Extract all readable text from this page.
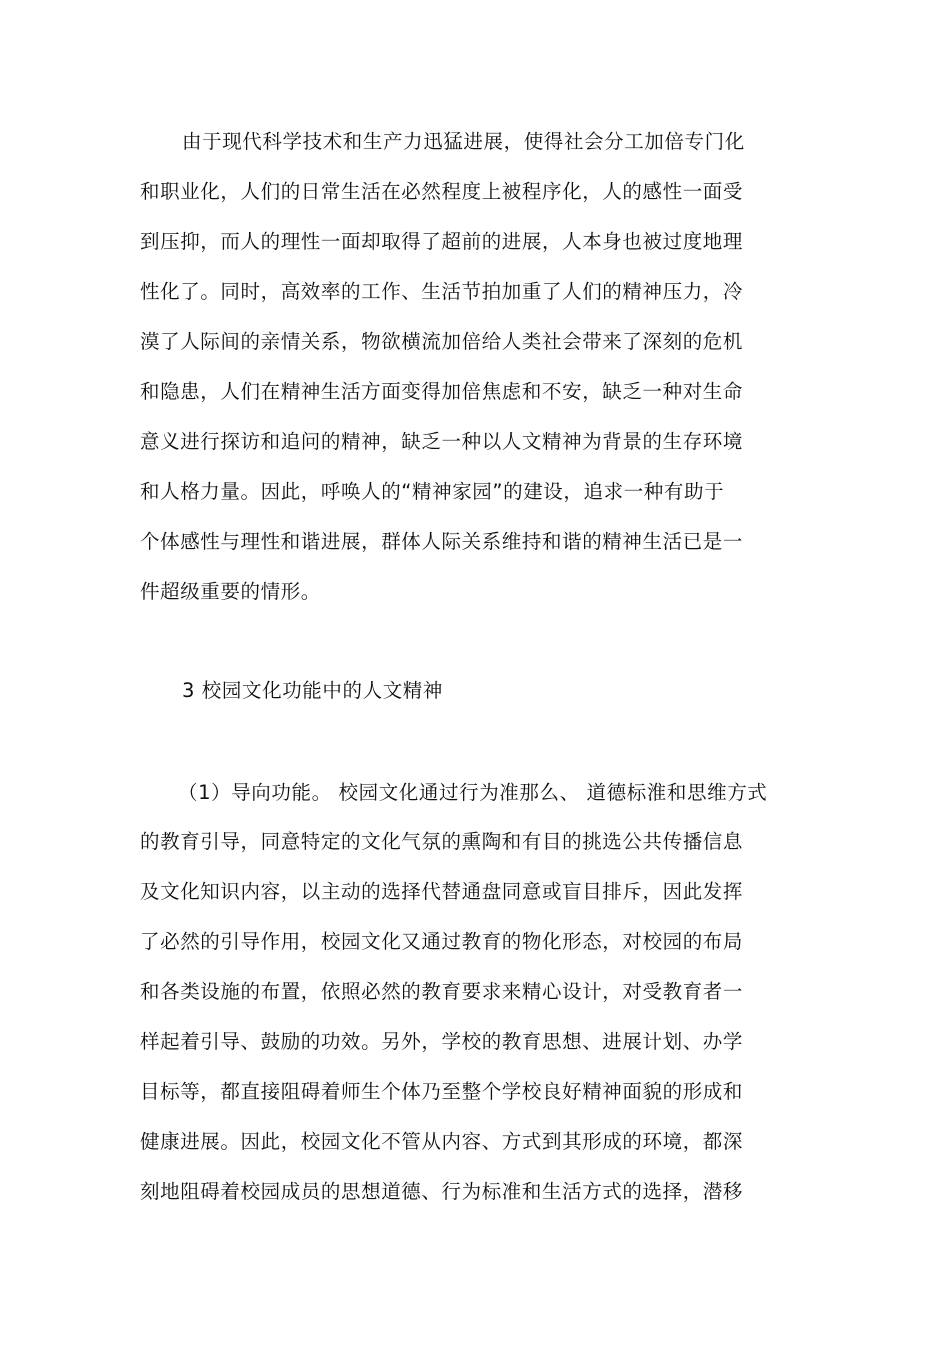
由于现代科学技术和生产力迅猛进展，使得社会分工加倍专门化
和职业化，人们的日常生活在必然程度上被程序化，人的感性一面受
到压抑，而人的理性一面却取得了超前的进展，人本身也被过度地理
性化了。同时，高效率的工作、生活节拍加重了人们的精神压力，冷
漠了人际间的亲情关系，物欲横流加倍给人类社会带来了深刻的危机
和隐患，人们在精神生活方面变得加倍焦虑和不安，缺乏一种对生命
意义进行探访和追问的精神，缺乏一种以人文精神为背景的生存环境
和人格力量。因此，呼唤人的“精神家园”的建设，追求一种有助于
个体感性与理性和谐进展，群体人际关系维持和谐的精神生活已是一
件超级重要的情形。
3 校园文化功能中的人文精神
（1）导向功能。 校园文化通过行为准那么、 道德标淮和思维方式
的教育引导，同意特定的文化气氛的熏陶和有目的挑选公共传播信息
及文化知识内容，以主动的选择代替通盘同意或盲目排斥，因此发挥
了必然的引导作用，校园文化又通过教育的物化形态，对校园的布局
和各类设施的布置，依照必然的教育要求来精心设计，对受教育者一
样起着引导、鼓励的功效。另外，学校的教育思想、进展计划、办学
目标等，都直接阻碍着师生个体乃至整个学校良好精神面貌的形成和
健康进展。因此，校园文化不管从内容、方式到其形成的环境，都深
刻地阻碍着校园成员的思想道德、行为标准和生活方式的选择，潜移
